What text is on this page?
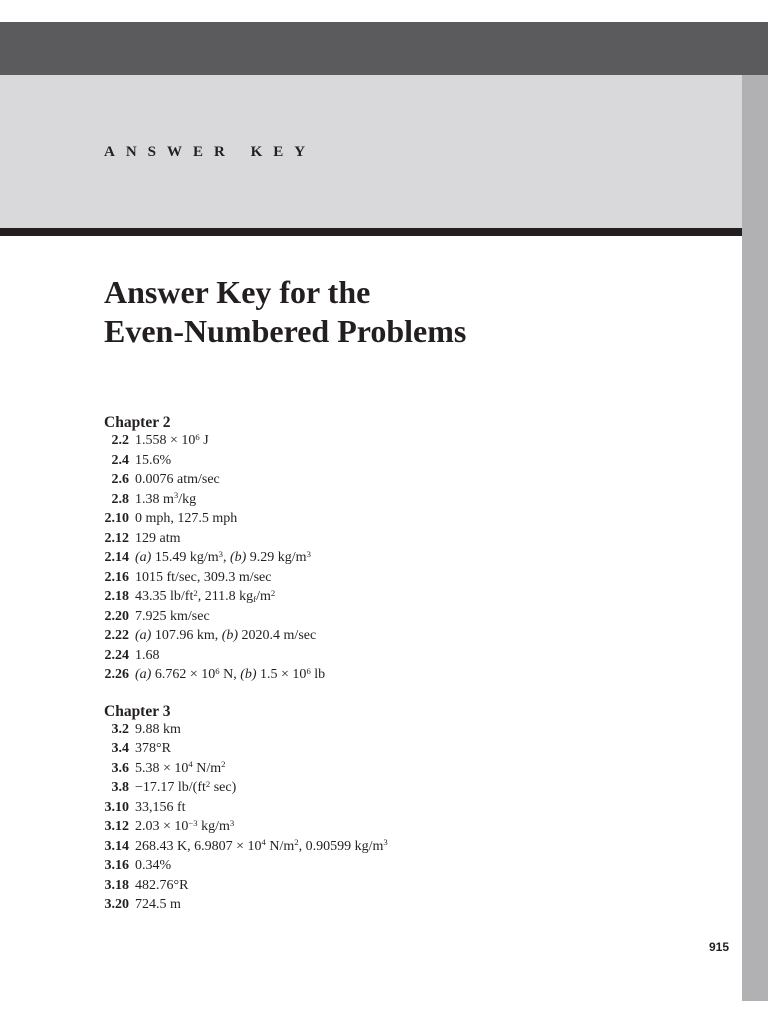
ANSWER KEY
Answer Key for the
Even-Numbered Problems
Chapter 2
2.2 $1.558 \times 10^6$ J
2.4 15.6%
2.6 0.0076 atm/sec
2.8 1.38 $m^3/kg$
2.10 0 mph, 127.5 mph
2.12 129 atm
2.14 (a) 15.49 $kg/m^3$, (b) 9.29 $kg/m^3$
2.16 1015 ft/sec, 309.3 m/sec
2.18 43.35 $lb/ft^2$, 211.8 kgf/$m^2$
2.20 7.925 km/sec
2.22 (a) 107.96 km, (b) 2020.4 m/sec
2.24 1.68
2.26 (a) $6.762 \times 10^6$ N, (b) $1.5 \times 10^6$ lb
Chapter 3
3.2 9.88 km
3.4 378°R
3.6 $5.38 \times 10^4$ $N/m^2$
3.8 −17.17 $lb/(ft^2$ sec)
3.10 33,156 ft
3.12 $2.03 \times 10^{-3}$ $kg/m^3$
3.14 268.43 K, $6.9807 \times 10^4$ $N/m^2$, 0.90599 $kg/m^3$
3.16 0.34%
3.18 482.76°R
3.20 724.5 m
915
